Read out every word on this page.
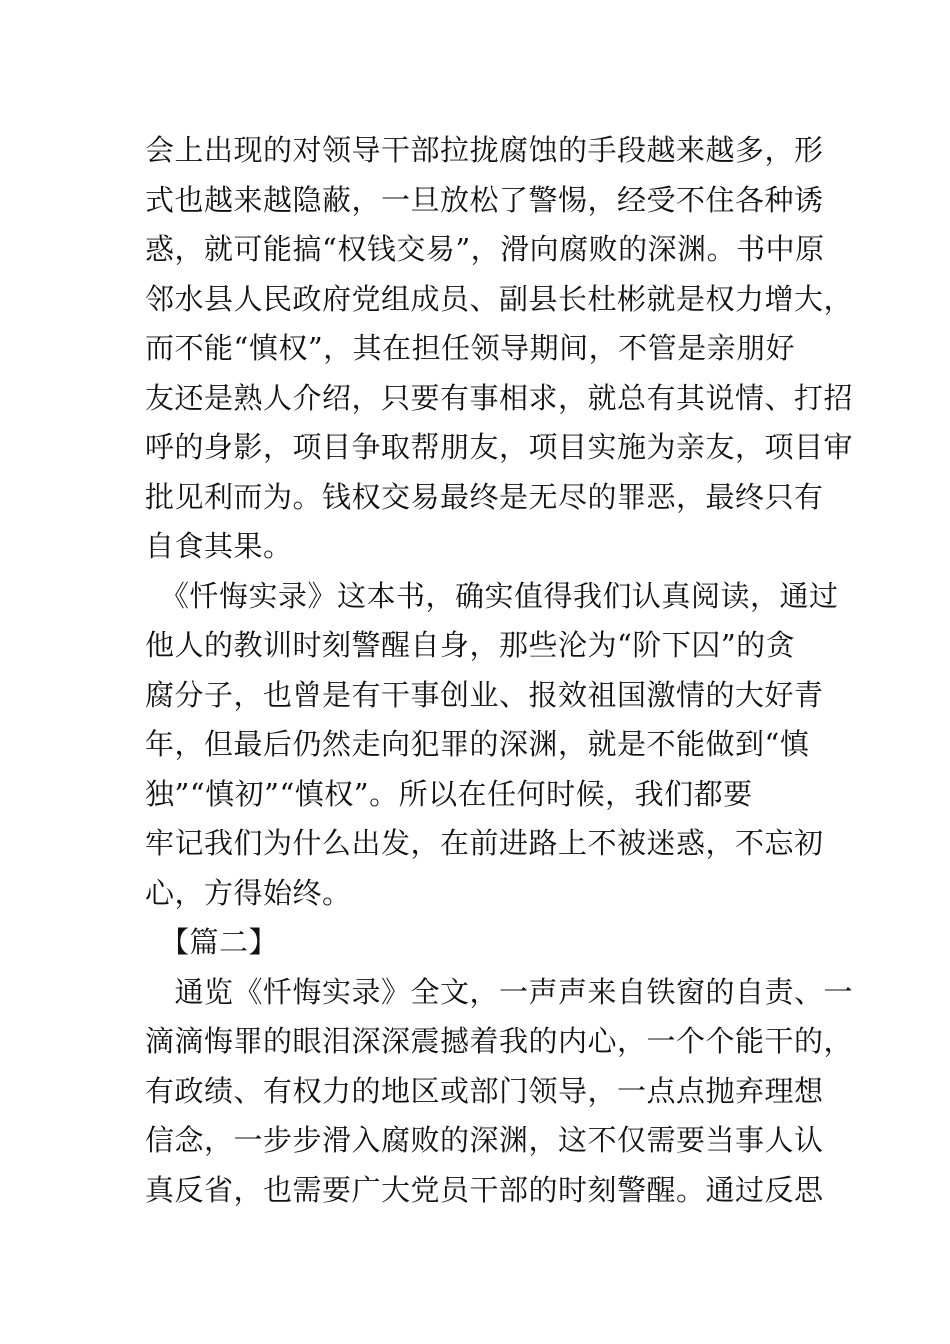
会上出现的对领导干部拉拢腐蚀的手段越来越多，形
式也越来越隐蔽，一旦放松了警惕，经受不住各种诱
惑，就可能搞“权钱交易”，滑向腐败的深渊。书中原
邻水县人民政府党组成员、副县长杜彬就是权力增大，
而不能“慎权”，其在担任领导期间，不管是亲朋好
友还是熟人介绍，只要有事相求，就总有其说情、打招
呼的身影，项目争取帮朋友，项目实施为亲友，项目审
批见利而为。钱权交易最终是无尽的罪恶，最终只有
自食其果。
　《忏悔实录》这本书，确实值得我们认真阅读，通过
他人的教训时刻警醒自身，那些沦为“阶下囚”的贪
腐分子，也曾是有干事创业、报效祖国激情的大好青
年，但最后仍然走向犯罪的深渊，就是不能做到“慎
独”“慎初”“慎权”。所以在任何时候，我们都要
牢记我们为什么出发，在前进路上不被迷惑，不忘初
心，方得始终。
　【篇二】
　通览《忏悔实录》全文，一声声来自铁窗的自责、一
滴滴悔罪的眼泪深深震撼着我的内心，一个个能干的，
有政绩、有权力的地区或部门领导，一点点抛弃理想
信念，一步步滑入腐败的深渊，这不仅需要当事人认
真反省，也需要广大党员干部的时刻警醒。通过反思
